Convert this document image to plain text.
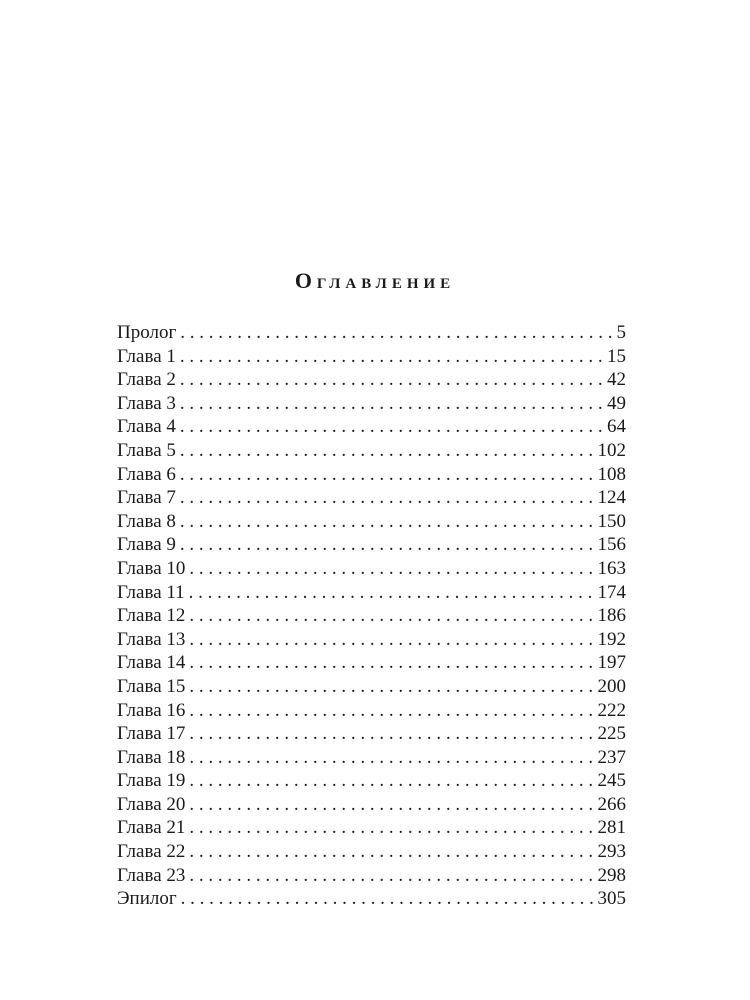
Оглавление
Пролог . . .	5
Глава 1 . . .	15
Глава 2 . . .	42
Глава 3 . . .	49
Глава 4 . . .	64
Глава 5 . . .	102
Глава 6 . . .	108
Глава 7 . . .	124
Глава 8 . . .	150
Глава 9 . . .	156
Глава 10 . . .	163
Глава 11 . . .	174
Глава 12 . . .	186
Глава 13 . . .	192
Глава 14 . . .	197
Глава 15 . . .	200
Глава 16 . . .	222
Глава 17 . . .	225
Глава 18 . . .	237
Глава 19 . . .	245
Глава 20 . . .	266
Глава 21 . . .	281
Глава 22 . . .	293
Глава 23 . . .	298
Эпилог . . .	305
